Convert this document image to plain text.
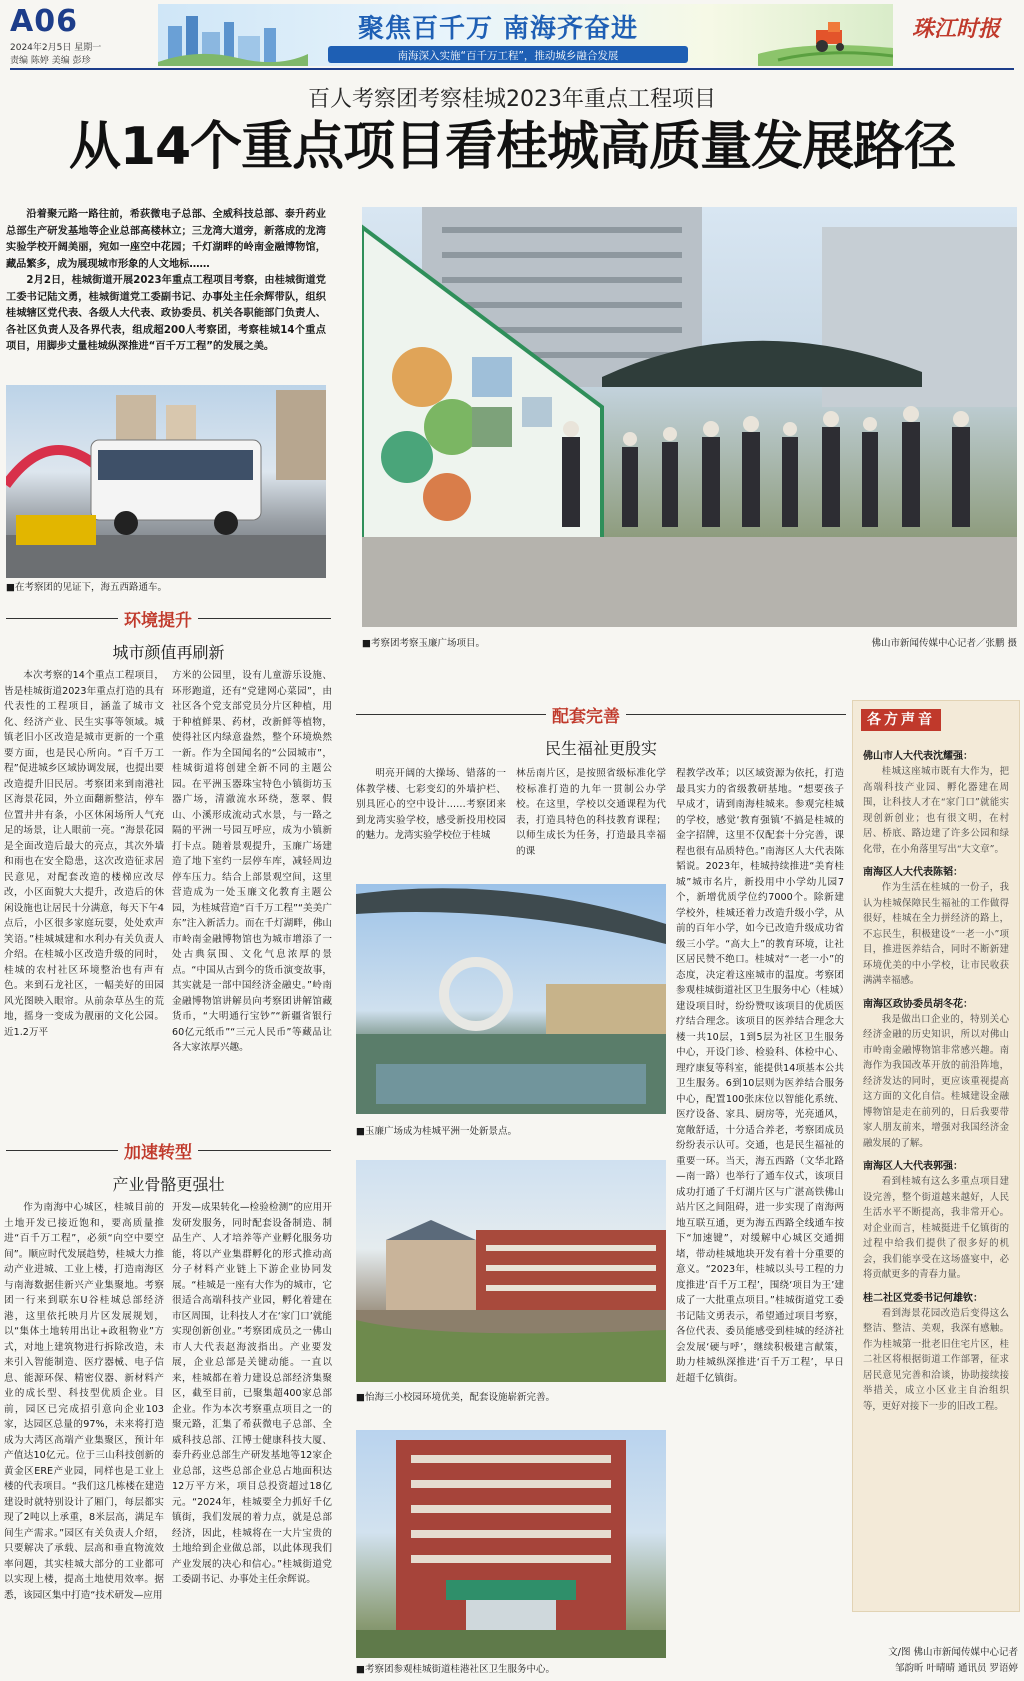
A06
2024年2月5日 星期一
责编 陈婷 美编 彭珍
聚焦百千万 南海齐奋进
南海深入实施“百千万工程”，推动城乡融合发展
珠江时报
百人考察团考察桂城2023年重点工程项目
从14个重点项目看桂城高质量发展路径

沿着聚元路一路往前，希荻微电子总部、全威科技总部、泰升药业总部生产研发基地等企业总部高楼林立；三龙湾大道旁，新落成的龙湾实验学校开阔美丽，宛如一座空中花园；千灯湖畔的岭南金融博物馆，藏品繁多，成为展现城市形象的人文地标……

2月2日，桂城街道开展2023年重点工程项目考察，由桂城街道党工委书记陆文勇，桂城街道党工委副书记、办事处主任余辉带队，组织桂城辖区党代表、各级人大代表、政协委员、机关各职能部门负责人、各社区负责人及各界代表，组成超200人考察团，考察桂城14个重点项目，用脚步丈量桂城纵深推进“百千万工程”的发展之美。

■在考察团的见证下，海五西路通车。
■考察团考察玉廉广场项目。	佛山市新闻传媒中心记者／张鹏 摄
环境提升
城市颜值再刷新

本次考察的14个重点工程项目，皆是桂城街道2023年重点打造的具有代表性的工程项目，涵盖了城市文化、经济产业、民生实事等领域。城镇老旧小区改造是城市更新的一个重要方面，也是民心所向。“百千万工程”促进城乡区域协调发展，也提出要改造提升旧民居。考察团来到南港社区海景花园，外立面翻新整洁，停车位置井井有条，小区休闲场所人气充足的场景，让人眼前一亮。“海景花园是全面改造后最大的亮点，其次外墙和雨也在安全隐患，这次改造征求居民意见，对配套改造的楼梯应改尽改，小区面貌大大提升，改造后的休闲设施也让居民十分满意，每天下午4点后，小区很多家庭玩耍，处处欢声笑语。”桂城城建和水利办有关负责人介绍。在桂城小区改造升级的同时，桂城的农村社区环境整治也有声有色。来到石龙社区，一幅美好的田园风光图映入眼帘。从前杂草丛生的荒地，摇身一变成为靓丽的文化公园。近1.2万平

方米的公园里，设有儿童游乐设施、环形跑道，还有“党建网心菜园”，由社区各个党支部党员分片区种植，用于种植鲜果、药材，改新鲜等植物，使得社区内绿意盎然，整个环境焕然一新。作为全国闻名的“公园城市”，桂城街道将创建全新不同的主题公园。在平洲玉器珠宝特色小镇街坊玉器广场，清澈流水环绕，葱翠、假山、小溪形成流动式水景，与一路之隔的平洲一号园互呼应，成为小镇新打卡点。随着景观提升，玉廉广场建造了地下室约一层停车库，减轻周边停车压力。结合上部景观空间，这里营造成为一处玉廉文化教育主题公园，为桂城营造“百千万工程”“美美广东”注入新活力。而在千灯湖畔，佛山市岭南金融博物馆也为城市增添了一处古典氛围、文化气息浓厚的景点。“中国从古到今的货币演变故事，其实就是一部中国经济金融史。”岭南金融博物馆讲解员向考察团讲解馆藏货币，“大明通行宝钞”“新疆省银行60亿元纸币”“三元人民币”等藏品让各大家浓厚兴趣。

加速转型
产业骨骼更强壮

作为南海中心城区，桂城目前的土地开发已接近饱和，要高质量推进“百千万工程”，必须“向空中要空间”。顺应时代发展趋势，桂城大力推动产业进城、工业上楼，打造南海区与南海数据佳新兴产业集聚地。考察团一行来到联东U谷桂城总部经济港，这里依托映月片区发展规划，以“集体土地转用出让+政租物业”方式，对地上建筑物进行拆除改造，未来引入智能制造、医疗器械、电子信息、能源环保、精密仪器、新材料产业的成长型、科技型优质企业。目前，园区已完成招引意向企业103家，达园区总量的97%，未来将打造成为大湾区高端产业集聚区，预计年产值达10亿元。位于三山科技创新的黄金区ERE产业园，同样也是工业上楼的代表项目。“我们这几栋楼在建造建设时就特别设计了厢门，每层都实现了2吨以上承重，8米层高，满足车间生产需求。”园区有关负责人介绍，只要解决了承载、层高和垂直物流效率问题，其实桂城大部分的工业都可以实现上楼，提高土地使用效率。据悉，该园区集中打造“技术研发—应用

开发—成果转化—检验检测”的应用开发研发服务，同时配套设备制造、制品生产、人才培养等产业孵化服务功能，将以产业集群孵化的形式推动高分子材料产业链上下游企业协同发展。“桂城是一座有大作为的城市，它很适合高端科技产业园，孵化着建在市区周围，让科技人才在‘家门口’就能实现创新创业。”考察团成员之一佛山市人大代表赵海波指出。产业要发展，企业总部是关键动能。一直以来，桂城都在着力建设总部经济集聚区，截至目前，已聚集超400家总部企业。作为本次考察重点项目之一的聚元路，汇集了希荻微电子总部、全威科技总部、江博士健康科技大厦、泰升药业总部生产研发基地等12家企业总部，这些总部企业总占地面积达12万平方米，项目总投资超过18亿元。“2024年，桂城要全力抓好千亿镇街，我们发展的着力点，就是总部经济，因此，桂城将在一大片宝贵的土地给到企业做总部，以此体现我们产业发展的决心和信心。”桂城街道党工委副书记、办事处主任余辉说。

配套完善
民生福祉更殷实

明亮开阔的大操场、错落的一体教学楼、七彩变幻的外墙护栏、别具匠心的空中设计……考察团来到龙湾实验学校，感受新投用校园的魅力。龙湾实验学校位于桂城

林岳南片区，是按照省级标准化学校标准打造的九年一贯制公办学校。在这里，学校以交通课程为代表，打造具特色的科技教育课程；以师生成长为任务，打造最具幸福的课

■玉廉广场成为桂城平洲一处新景点。
■怡海三小校园环境优美，配套设施崭新完善。
■考察团参观桂城街道桂港社区卫生服务中心。

程教学改革；以区域资源为依托，打造最具实力的省级教研基地。“想要孩子早成才，请到南海桂城来。参观完桂城的学校，感觉‘教育强镇’不搞是桂城的金字招牌，这里不仅配套十分完善，课程也很有品质特色。”南海区人大代表陈韬说。2023年，桂城持续推进“美育桂城”城市名片，新投用中小学幼儿园7个，新增优质学位约7000个。除新建学校外，桂城还着力改造升级小学，从前的百年小学，如今已改造升级成功省级三小学。“高大上”的教育环境，让社区居民赞不绝口。桂城对“一老一小”的态度，决定着这座城市的温度。考察团参观桂城街道社区卫生服务中心（桂城）建设项目时，纷纷赞叹该项目的优质医疗结合理念。该项目的医养结合理念大楼一共10层，1到5层为社区卫生服务中心，开设门诊、检验科、体检中心、理疗康复等科室，能提供14项基本公共卫生服务。6到10层则为医养结合服务中心，配置100张床位以智能化系统、医疗设备、家具、厨房等，光亮通风，宽敞舒适，十分适合养老，考察团成员纷纷表示认可。交通，也是民生福祉的重要一环。当天，海五西路（文华北路—南一路）也举行了通车仪式，该项目成功打通了千灯湖片区与广湛高铁佛山站片区之间阻碍，进一步实现了南海两地互联互通，更为海五西路全线通车按下“加速键”，对缓解中心城区交通拥堵，带动桂城地块开发有着十分重要的意义。“2023年，桂城以头号工程的力度推进‘百千万工程’，围绕‘项目为王’建成了一大批重点项目。”桂城街道党工委书记陆文勇表示，希望通过项目考察，各位代表、委员能感受到桂城的经济社会发展‘硬与呼’，继续积极建言献策，助力桂城纵深推进‘百千万工程’，早日赶超千亿镇街。

各方声音
佛山市人大代表沈耀强：
桂城这座城市既有大作为，把高端科技产业园、孵化器建在周围，让科技人才在“家门口”就能实现创新创业；也有很文明，在村居、桥底、路边建了许多公园和绿化带，在小角落里写出“大文章”。
南海区人大代表陈韬：
作为生活在桂城的一份子，我认为桂城保障民生福祉的工作做得很好，桂城在全力拼经济的路上，不忘民生，积极建设“一老一小”项目，推进医养结合，同时不断新建环境优美的中小学校，让市民收获满满幸福感。
南海区政协委员胡冬花：
我是做出口企业的，特别关心经济金融的历史知识，所以对佛山市岭南金融博物馆非常感兴趣。南海作为我国改革开放的前沿阵地，经济发达的同时，更应该重视提高这方面的文化自信。桂城建设金融博物馆是走在前列的，日后我要带家人朋友前来，增强对我国经济金融发展的了解。
南海区人大代表郭强：
看到桂城有这么多重点项目建设完善，整个街道越来越好，人民生活水平不断提高，我非常开心。对企业而言，桂城挺进千亿镇街的过程中给我们提供了很多好的机会，我们能享受在这场盛宴中，必将贡献更多的青春力量。
桂二社区党委书记何雄钦：
看到海景花园改造后变得这么整洁、整洁、美观，我深有感触。作为桂城第一批老旧住宅片区，桂二社区将根据街道工作部署，征求居民意见完善和洽谈，协助接续接举措关，成立小区业主自治组织等，更好对接下一步的旧改工程。
文/图 佛山市新闻传媒中心记者
邹韵昕 叶晴晴 通讯员 罗语婷
